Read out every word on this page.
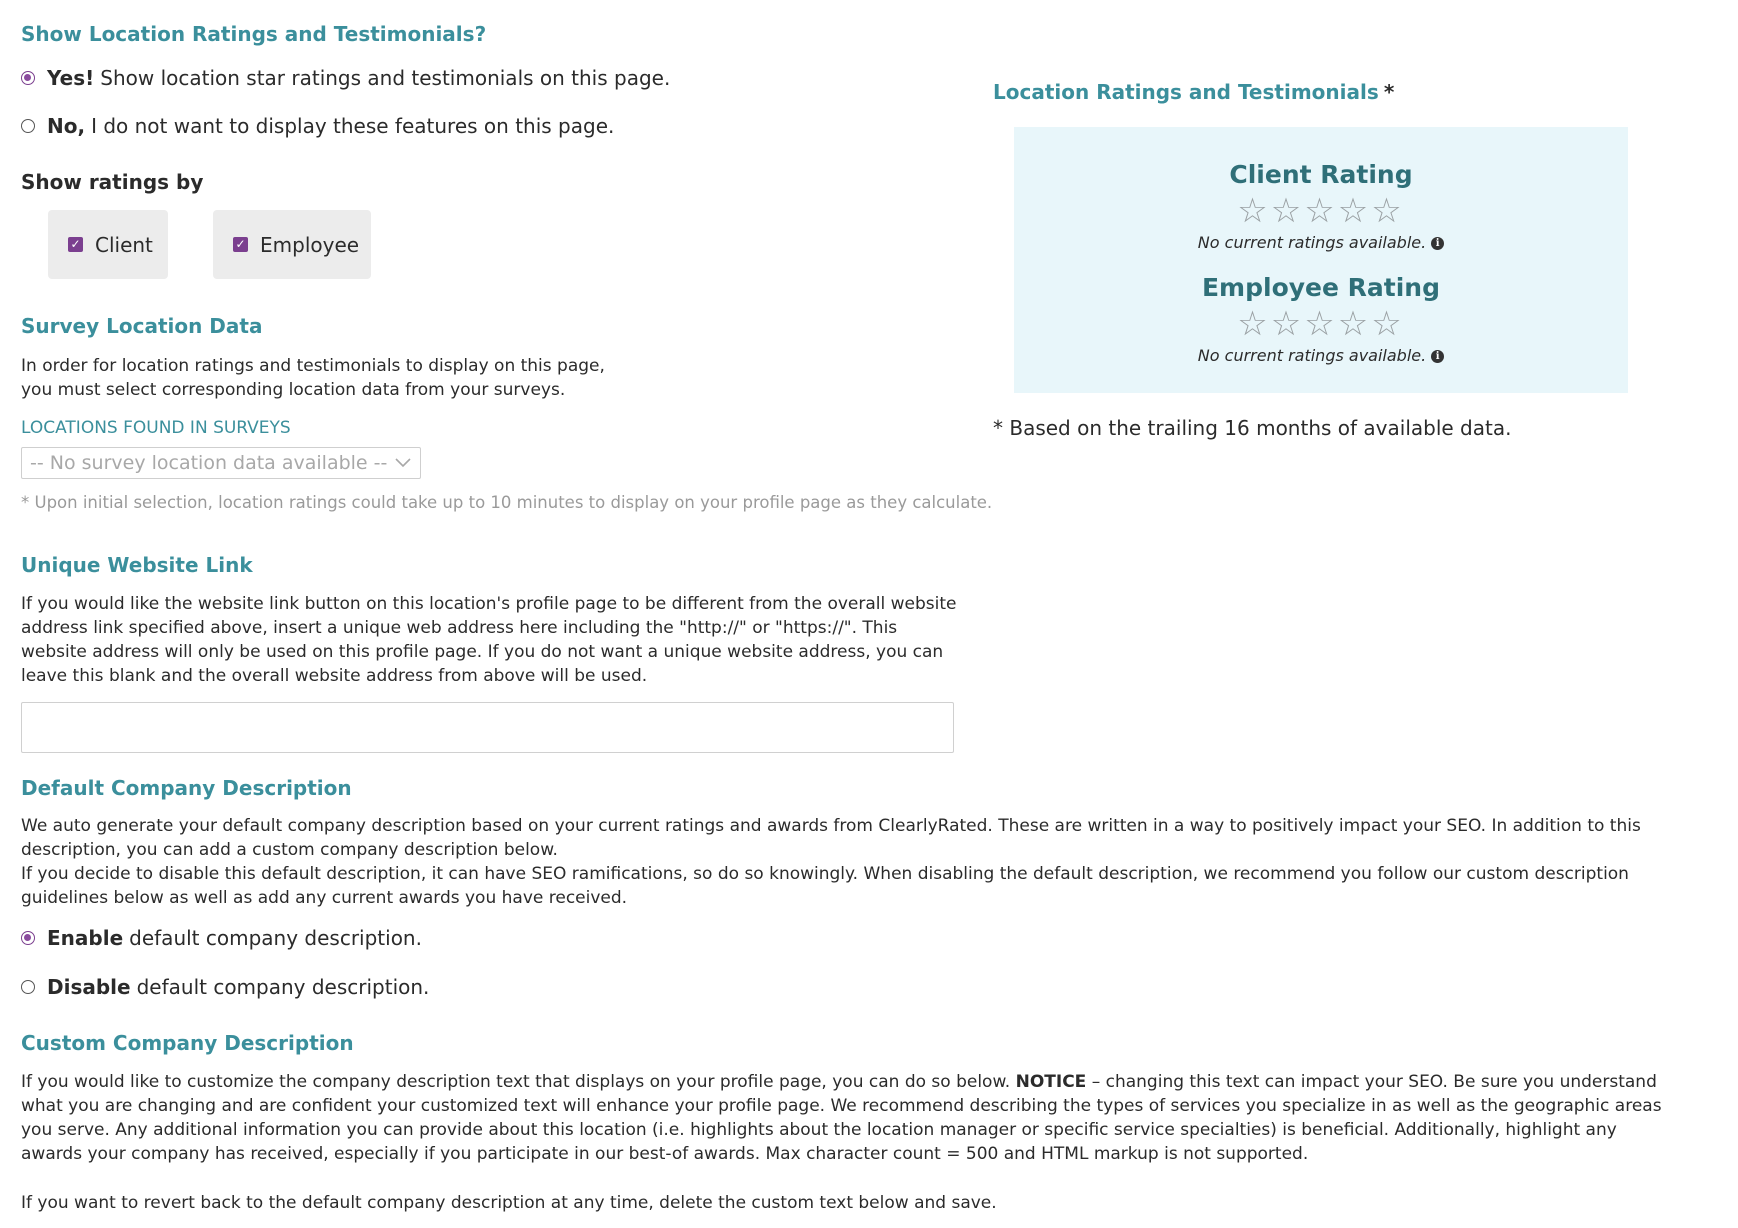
Show Location Ratings and Testimonials?
Yes! Show location star ratings and testimonials on this page.
No, I do not want to display these features on this page.
Show ratings by
✓ Client	✓ Employee
Survey Location Data
In order for location ratings and testimonials to display on this page,
you must select corresponding location data from your surveys.
LOCATIONS FOUND IN SURVEYS
-- No survey location data available --
* Upon initial selection, location ratings could take up to 10 minutes to display on your profile page as they calculate.
Unique Website Link
If you would like the website link button on this location's profile page to be different from the overall website address link specified above, insert a unique web address here including the "http://" or "https://". This website address will only be used on this profile page. If you do not want a unique website address, you can leave this blank and the overall website address from above will be used.
Default Company Description
We auto generate your default company description based on your current ratings and awards from ClearlyRated. These are written in a way to positively impact your SEO. In addition to this description, you can add a custom company description below.
If you decide to disable this default description, it can have SEO ramifications, so do so knowingly. When disabling the default description, we recommend you follow our custom description guidelines below as well as add any current awards you have received.
Enable default company description.
Disable default company description.
Custom Company Description
If you would like to customize the company description text that displays on your profile page, you can do so below. NOTICE – changing this text can impact your SEO. Be sure you understand what you are changing and are confident your customized text will enhance your profile page. We recommend describing the types of services you specialize in as well as the geographic areas you serve. Any additional information you can provide about this location (i.e. highlights about the location manager or specific service specialties) is beneficial. Additionally, highlight any awards your company has received, especially if you participate in our best-of awards. Max character count = 500 and HTML markup is not supported.
If you want to revert back to the default company description at any time, delete the custom text below and save.
Location Ratings and Testimonials *
Client Rating
☆☆☆☆☆
No current ratings available. i
Employee Rating
☆☆☆☆☆
No current ratings available. i
* Based on the trailing 16 months of available data.
